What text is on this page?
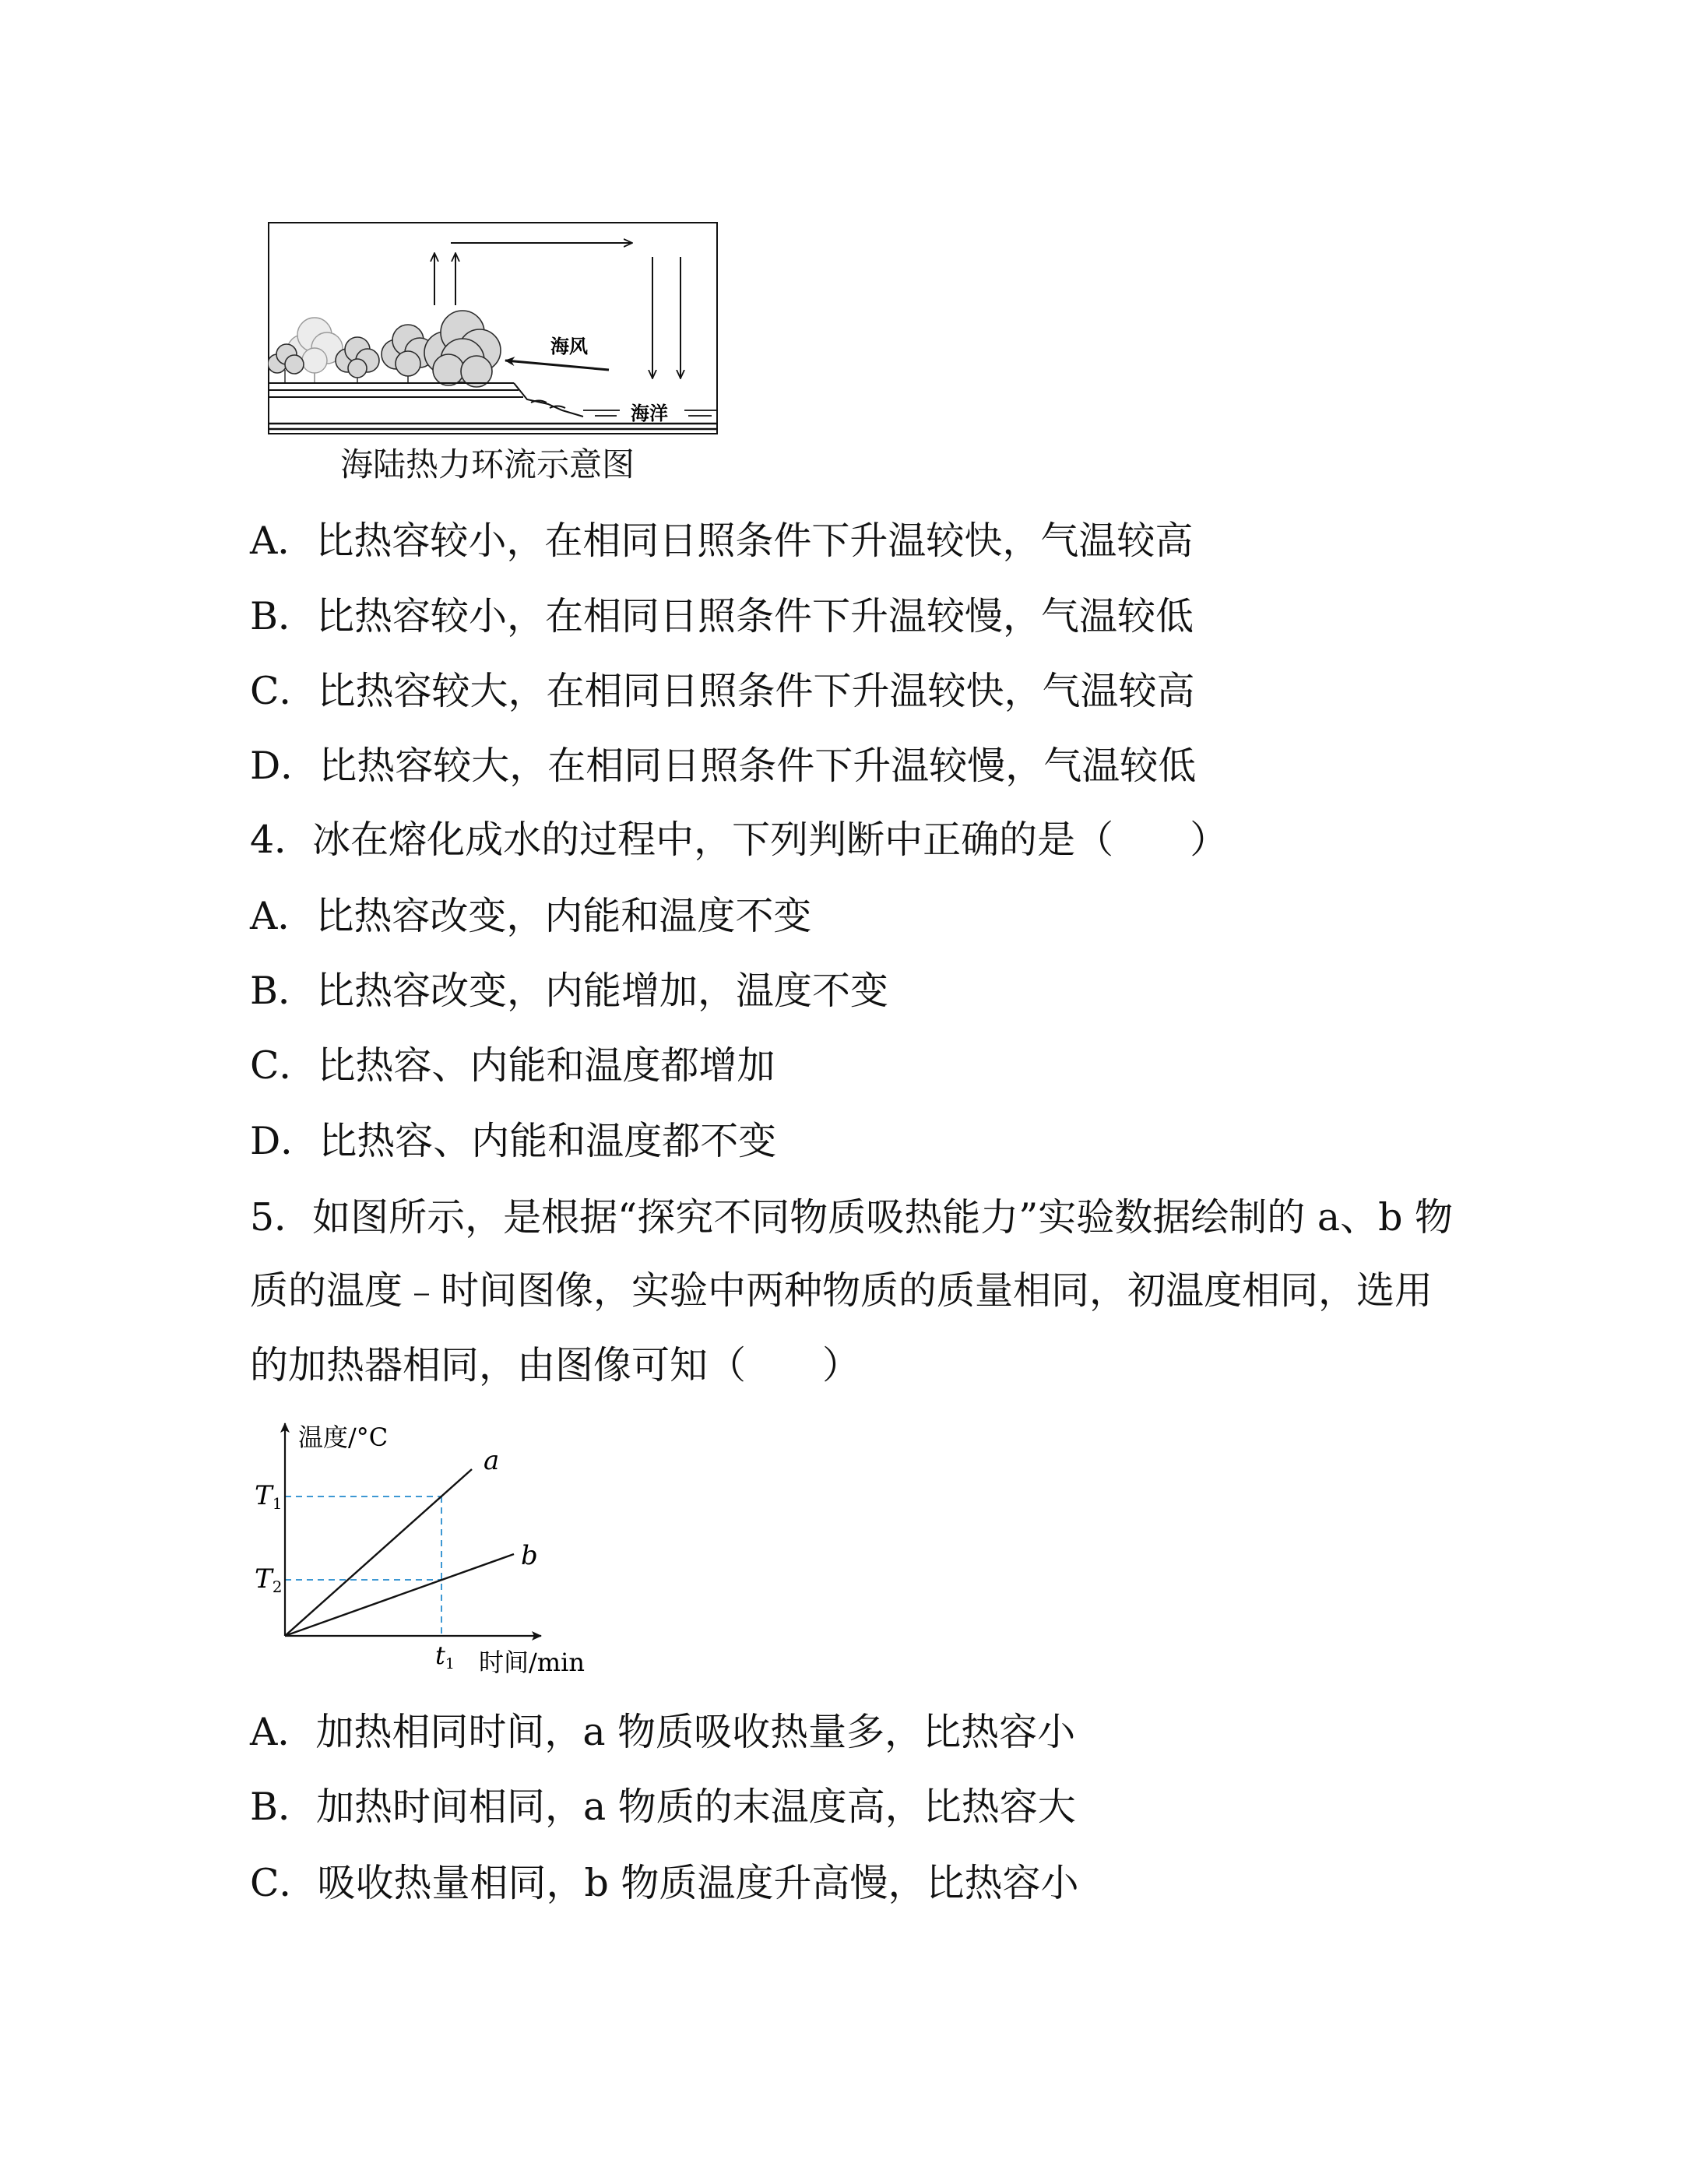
海风
海洋
海陆热力环流示意图
A．比热容较小，在相同日照条件下升温较快，气温较高
B．比热容较小，在相同日照条件下升温较慢，气温较低
C．比热容较大，在相同日照条件下升温较快，气温较高
D．比热容较大，在相同日照条件下升温较慢，气温较低
4．冰在熔化成水的过程中，下列判断中正确的是（　　）
A．比热容改变，内能和温度不变
B．比热容改变，内能增加，温度不变
C．比热容、内能和温度都增加
D．比热容、内能和温度都不变
5．如图所示，是根据“探究不同物质吸热能力”实验数据绘制的 a、b 物
质的温度﹣时间图像，实验中两种物质的质量相同，初温度相同，选用
的加热器相同，由图像可知（　　）
温度/°C
时间/min
a
b
T1
T2
t1
A．加热相同时间，a 物质吸收热量多，比热容小
B．加热时间相同，a 物质的末温度高，比热容大
C．吸收热量相同，b 物质温度升高慢，比热容小
